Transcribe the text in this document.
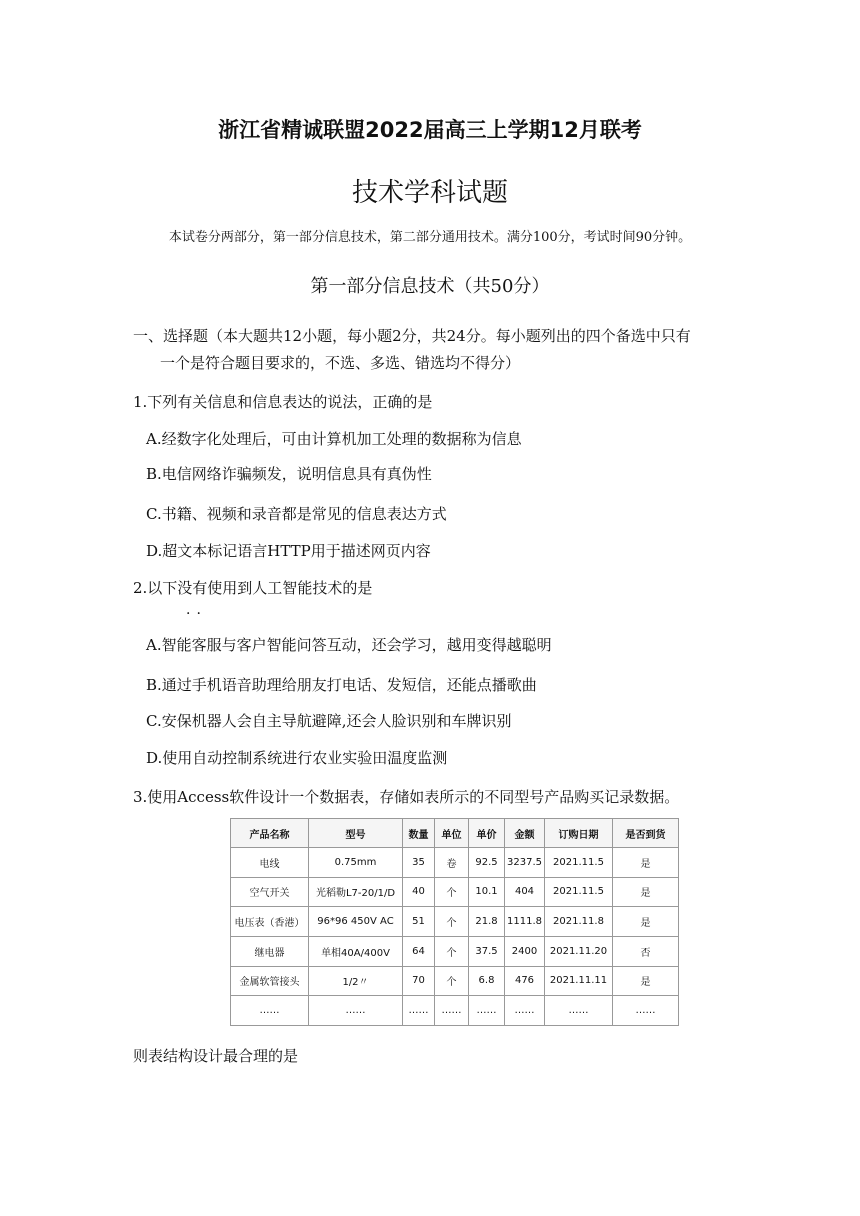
浙江省精诚联盟2022届高三上学期12月联考
技术学科试题
本试卷分两部分，第一部分信息技术，第二部分通用技术。满分100分，考试时间90分钟。
第一部分信息技术（共50分）
一、选择题（本大题共12小题，每小题2分，共24分。每小题列出的四个备选中只有
一个是符合题目要求的，不选、多选、错选均不得分）
1.下列有关信息和信息表达的说法，正确的是
A.经数字化处理后，可由计算机加工处理的数据称为信息
B.电信网络诈骗频发，说明信息具有真伪性
C.书籍、视频和录音都是常见的信息表达方式
D.超文本标记语言HTTP用于描述网页内容
2.以下没有使用到人工智能技术的是
··
A.智能客服与客户智能问答互动，还会学习，越用变得越聪明
B.通过手机语音助理给朋友打电话、发短信，还能点播歌曲
C.安保机器人会自主导航避障,还会人脸识别和车牌识别
D.使用自动控制系统进行农业实验田温度监测
3.使用Access软件设计一个数据表，存储如表所示的不同型号产品购买记录数据。
产品名称	型号	数量	单位	单价	金额	订购日期	是否到货
电线	0.75mm	35	卷	92.5	3237.5	2021.11.5	是
空气开关	光稻勒L7-20/1/D	40	个	10.1	404	2021.11.5	是
电压表（香港）	96*96 450V AC	51	个	21.8	1111.8	2021.11.8	是
继电器	单相40A/400V	64	个	37.5	2400	2021.11.20	否
金属软管接头	1/2〃	70	个	6.8	476	2021.11.11	是
……	……	……	……	……	……	……	……
则表结构设计最合理的是
